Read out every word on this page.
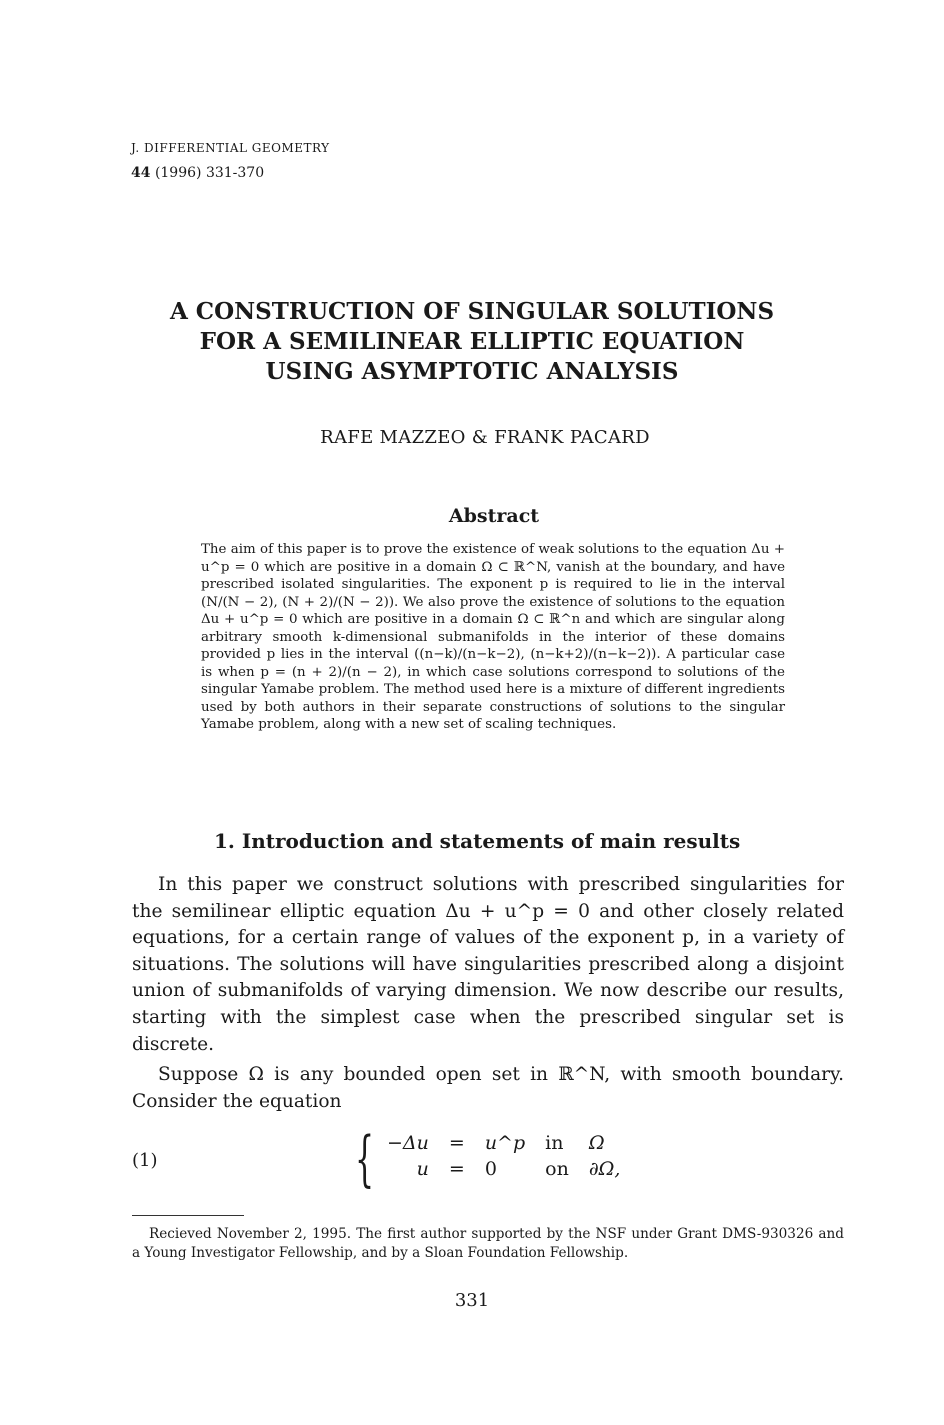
J. DIFFERENTIAL GEOMETRY
44 (1996) 331-370
A CONSTRUCTION OF SINGULAR SOLUTIONS
FOR A SEMILINEAR ELLIPTIC EQUATION
USING ASYMPTOTIC ANALYSIS
RAFE MAZZEO & FRANK PACARD
Abstract
The aim of this paper is to prove the existence of weak solutions to the equation Δu + u^p = 0 which are positive in a domain Ω ⊂ ℝ^N, vanish at the boundary, and have prescribed isolated singularities. The exponent p is required to lie in the interval (N/(N − 2), (N + 2)/(N − 2)). We also prove the existence of solutions to the equation Δu + u^p = 0 which are positive in a domain Ω ⊂ ℝ^n and which are singular along arbitrary smooth k-dimensional submanifolds in the interior of these domains provided p lies in the interval ((n−k)/(n−k−2), (n−k+2)/(n−k−2)). A particular case is when p = (n + 2)/(n − 2), in which case solutions correspond to solutions of the singular Yamabe problem. The method used here is a mixture of different ingredients used by both authors in their separate constructions of solutions to the singular Yamabe problem, along with a new set of scaling techniques.
1. Introduction and statements of main results
In this paper we construct solutions with prescribed singularities for the semilinear elliptic equation Δu + u^p = 0 and other closely related equations, for a certain range of values of the exponent p, in a variety of situations. The solutions will have singularities prescribed along a disjoint union of submanifolds of varying dimension. We now describe our results, starting with the simplest case when the prescribed singular set is discrete.
Suppose Ω is any bounded open set in ℝ^N, with smooth boundary. Consider the equation
(1)	{ −Δu	=	u^p	in	Ω
u	=	0	on	∂Ω,
Recieved November 2, 1995. The first author supported by the NSF under Grant DMS-930326 and a Young Investigator Fellowship, and by a Sloan Foundation Fellowship.
331
